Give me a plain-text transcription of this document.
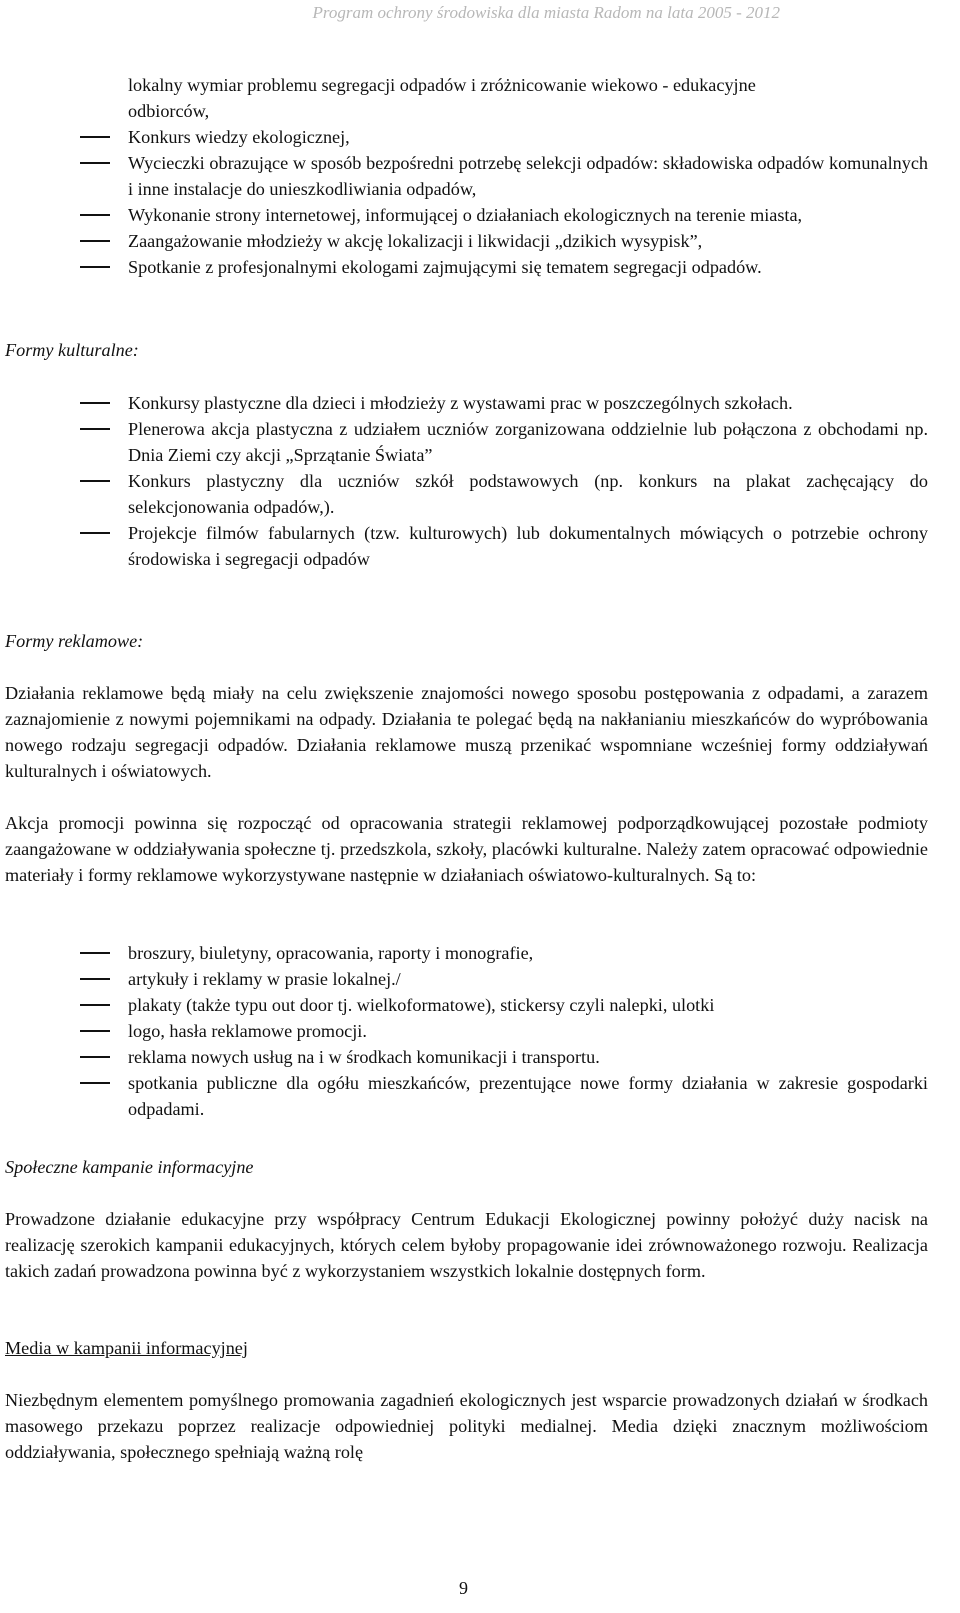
Program ochrony środowiska dla miasta Radom na lata 2005 - 2012
lokalny wymiar problemu segregacji odpadów i zróżnicowanie wiekowo - edukacyjne
odbiorców,
Konkurs wiedzy ekologicznej,
Wycieczki obrazujące w sposób bezpośredni potrzebę selekcji odpadów: składowiska odpadów komunalnych i inne instalacje do unieszkodliwiania odpadów,
Wykonanie strony internetowej, informującej o działaniach ekologicznych na terenie miasta,
Zaangażowanie młodzieży w akcję lokalizacji i likwidacji „dzikich wysypisk”,
Spotkanie z profesjonalnymi ekologami zajmującymi się tematem segregacji odpadów.
Formy kulturalne:
Konkursy plastyczne dla dzieci i młodzieży z wystawami prac w poszczególnych szkołach.
Plenerowa akcja plastyczna z udziałem uczniów zorganizowana oddzielnie lub połączona z obchodami np. Dnia Ziemi czy akcji „Sprzątanie Świata”
Konkurs plastyczny dla uczniów szkół podstawowych (np. konkurs na plakat zachęcający do selekcjonowania odpadów,).
Projekcje filmów fabularnych (tzw. kulturowych) lub dokumentalnych mówiących o potrzebie ochrony środowiska i segregacji odpadów
Formy reklamowe:
Działania reklamowe będą miały na celu zwiększenie znajomości nowego sposobu postępowania z odpadami, a zarazem zaznajomienie z nowymi pojemnikami na odpady. Działania te polegać będą na nakłanianiu mieszkańców do wypróbowania nowego rodzaju segregacji odpadów. Działania reklamowe muszą przenikać wspomniane wcześniej formy oddziaływań kulturalnych i oświatowych.
Akcja promocji powinna się rozpocząć od opracowania strategii reklamowej podporządkowującej pozostałe podmioty zaangażowane w oddziaływania społeczne tj. przedszkola, szkoły, placówki kulturalne. Należy zatem opracować odpowiednie materiały i formy reklamowe wykorzystywane następnie w działaniach oświatowo-kulturalnych. Są to:
broszury, biuletyny, opracowania, raporty i monografie,
artykuły i reklamy w prasie lokalnej./
plakaty (także typu out door tj. wielkoformatowe), stickersy czyli nalepki, ulotki
logo, hasła reklamowe promocji.
reklama nowych usług na i w środkach komunikacji i transportu.
spotkania publiczne dla ogółu mieszkańców, prezentujące nowe formy działania w zakresie gospodarki odpadami.
Społeczne kampanie informacyjne
Prowadzone działanie edukacyjne przy współpracy Centrum Edukacji Ekologicznej powinny położyć duży nacisk na realizację szerokich kampanii edukacyjnych, których celem byłoby propagowanie idei zrównoważonego rozwoju. Realizacja takich zadań prowadzona powinna być z wykorzystaniem wszystkich lokalnie dostępnych form.
Media w kampanii informacyjnej
Niezbędnym elementem pomyślnego promowania zagadnień ekologicznych jest wsparcie prowadzonych działań w środkach masowego przekazu poprzez realizacje odpowiedniej polityki medialnej. Media dzięki znacznym możliwościom oddziaływania, społecznego spełniają ważną rolę
9
